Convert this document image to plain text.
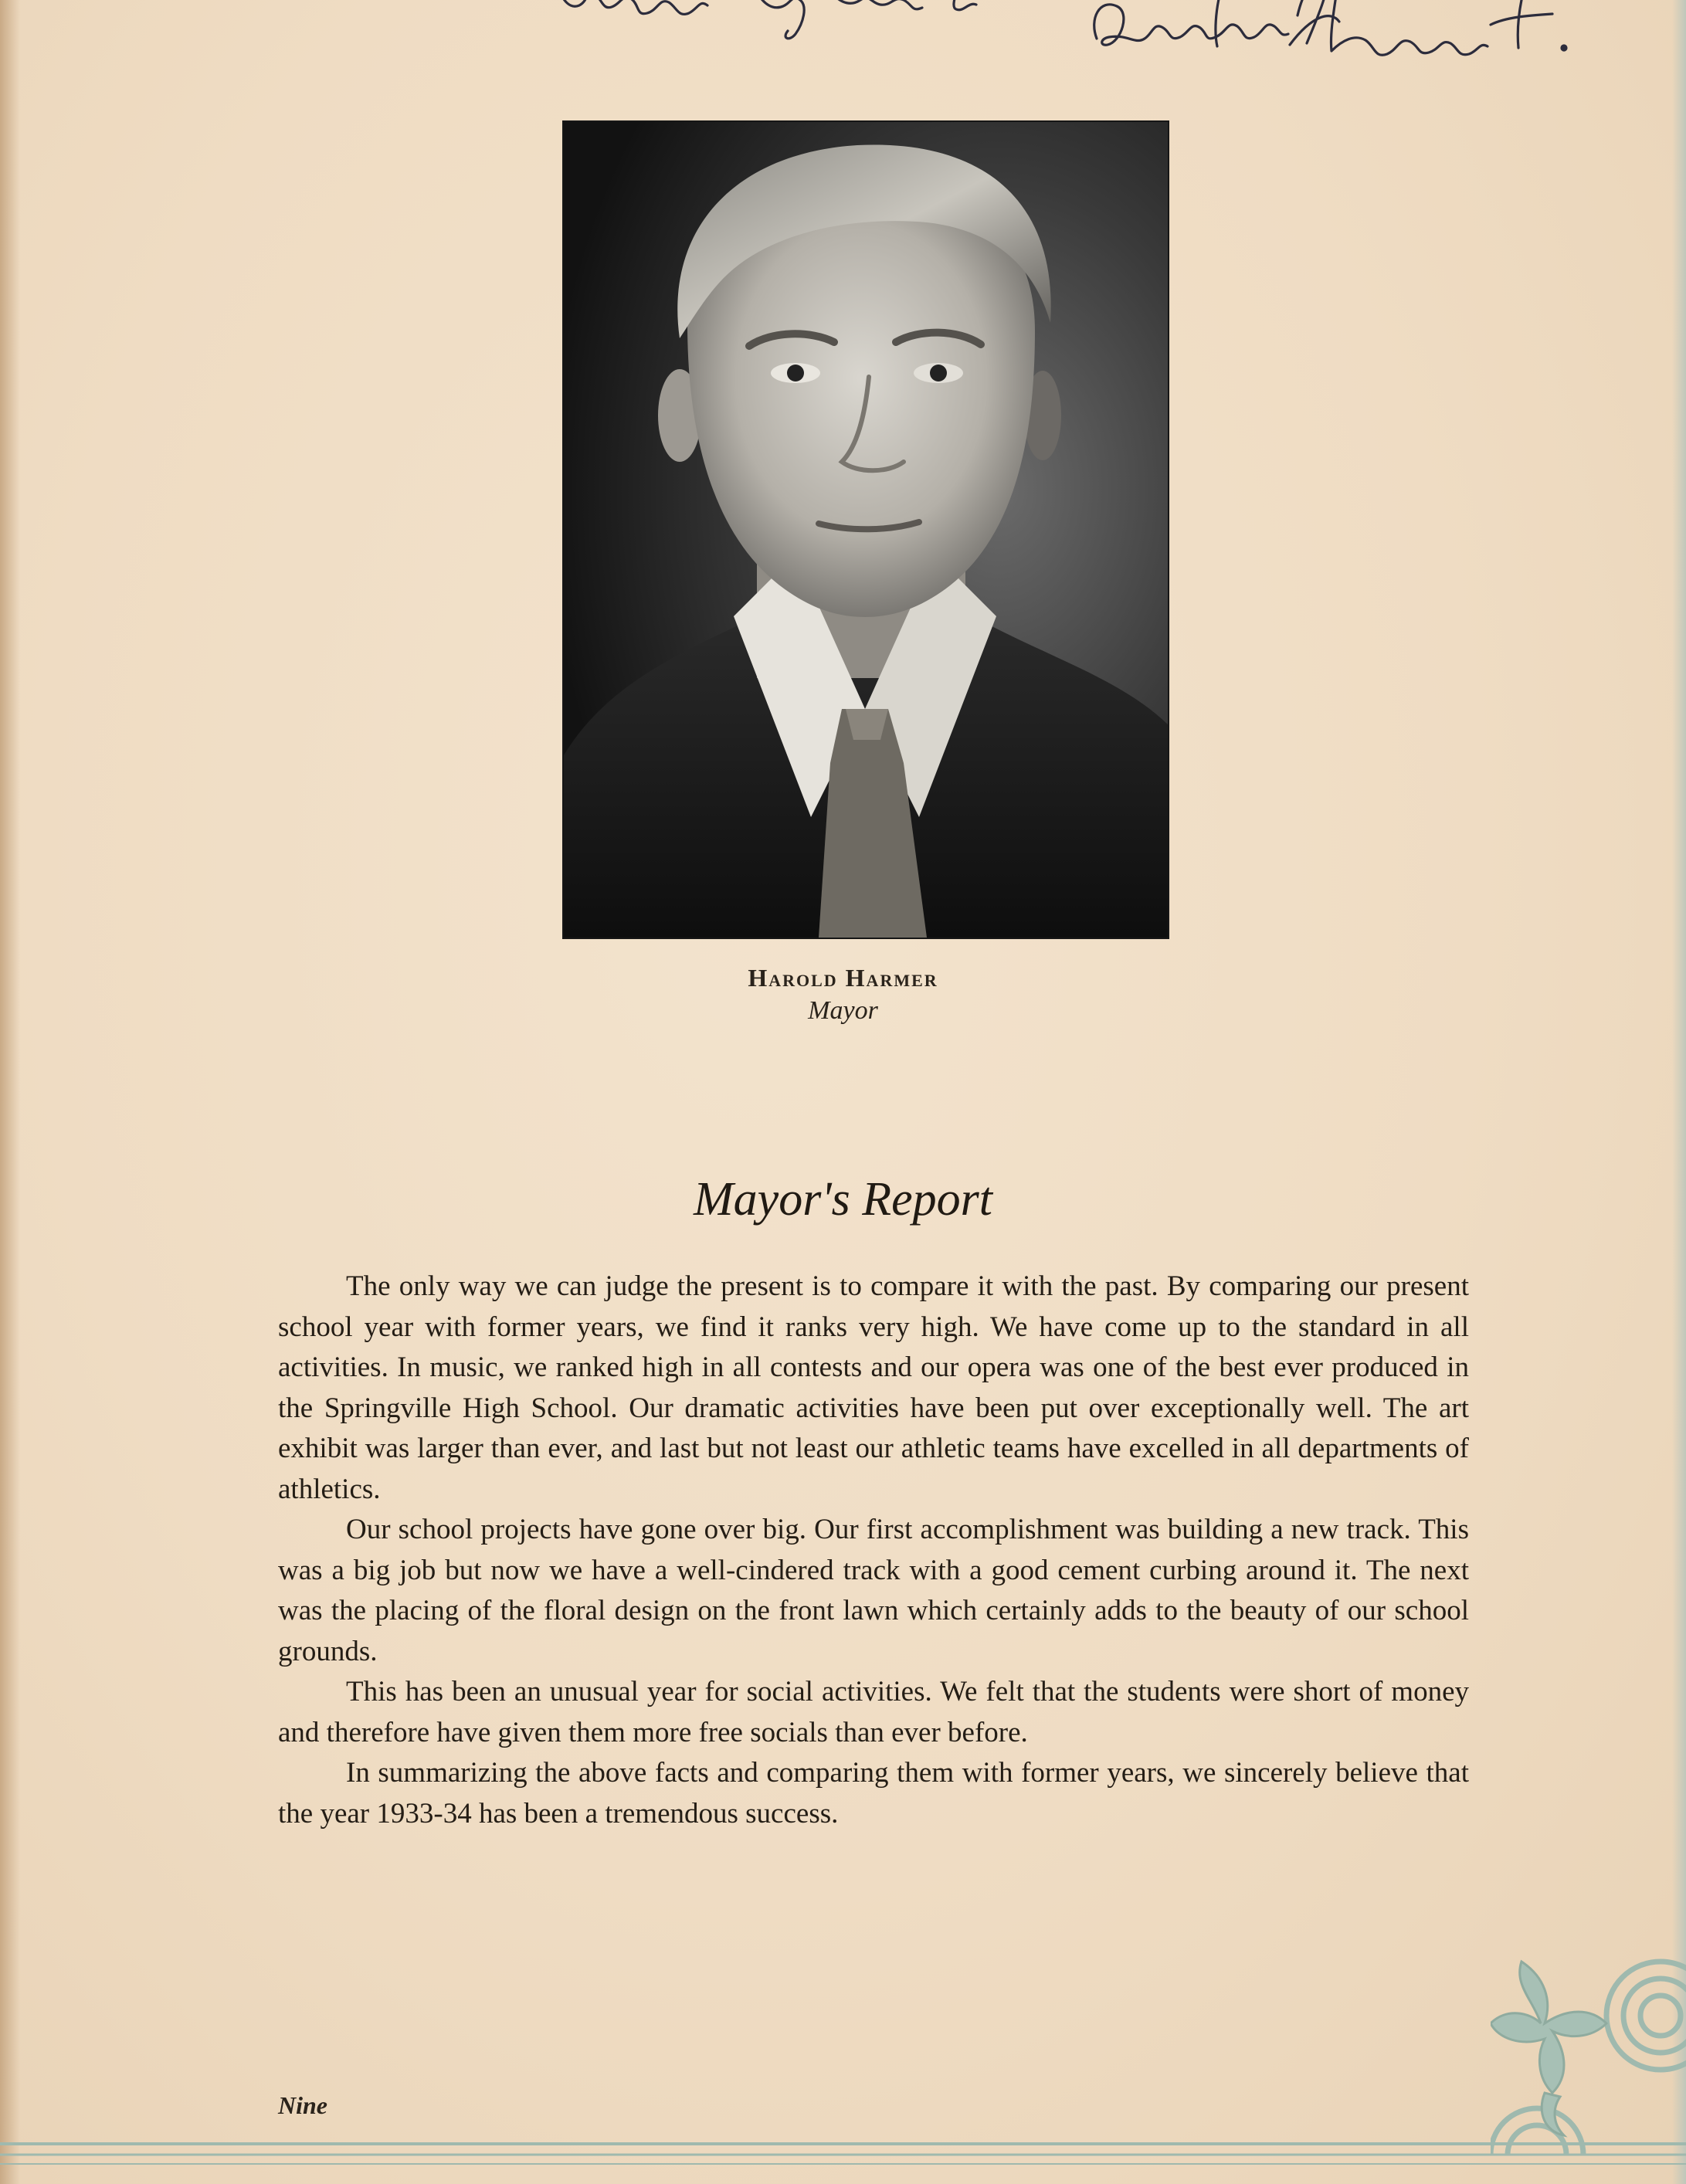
Harold Harmer
Mayor
Mayor's Report

The only way we can judge the present is to compare it with the past. By comparing our present school year with former years, we find it ranks very high. We have come up to the standard in all activities. In music, we ranked high in all contests and our opera was one of the best ever produced in the Springville High School. Our dramatic activities have been put over exceptionally well. The art exhibit was larger than ever, and last but not least our athletic teams have excelled in all departments of athletics.

Our school projects have gone over big. Our first accomplishment was building a new track. This was a big job but now we have a well-cindered track with a good cement curbing around it. The next was the placing of the floral design on the front lawn which certainly adds to the beauty of our school grounds.

This has been an unusual year for social activities. We felt that the students were short of money and therefore have given them more free socials than ever before.

In summarizing the above facts and comparing them with former years, we sincerely believe that the year 1933-34 has been a tremendous success.

Nine
